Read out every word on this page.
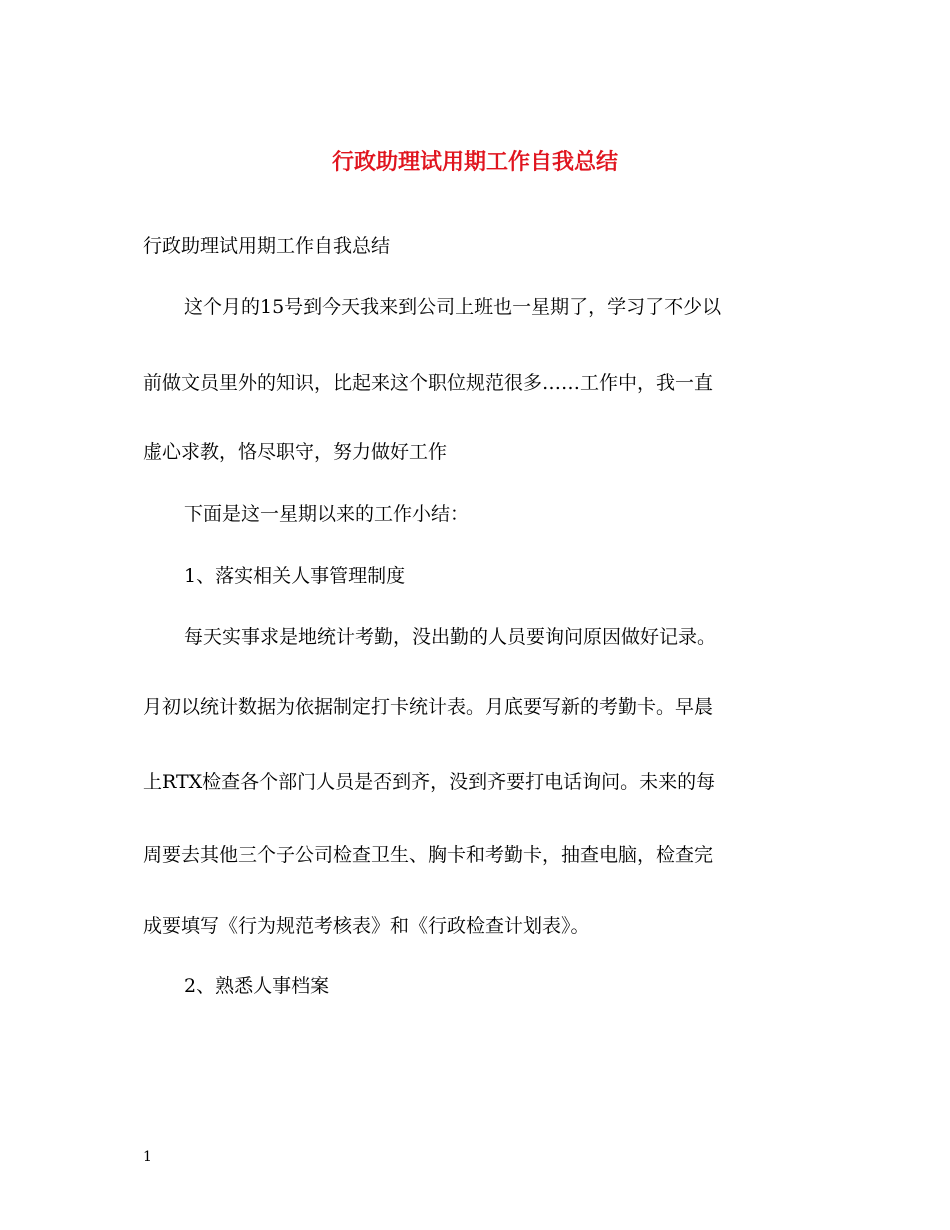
行政助理试用期工作自我总结

行政助理试用期工作自我总结

这个月的15号到今天我来到公司上班也一星期了，学习了不少以

前做文员里外的知识，比起来这个职位规范很多……工作中，我一直

虚心求教，恪尽职守，努力做好工作

下面是这一星期以来的工作小结：

1、落实相关人事管理制度

每天实事求是地统计考勤，没出勤的人员要询问原因做好记录。

月初以统计数据为依据制定打卡统计表。月底要写新的考勤卡。早晨

上RTX检查各个部门人员是否到齐，没到齐要打电话询问。未来的每

周要去其他三个子公司检查卫生、胸卡和考勤卡，抽查电脑，检查完

成要填写《行为规范考核表》和《行政检查计划表》。

2、熟悉人事档案

1
